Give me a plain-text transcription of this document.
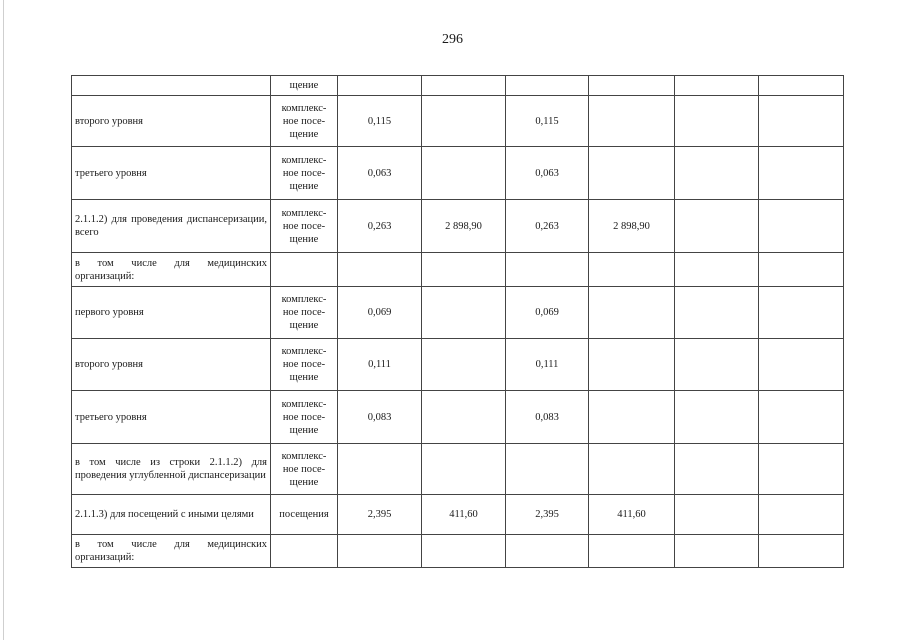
296
	щение						
второго уровня	комплекс-ное посе-щение	0,115		0,115			
третьего уровня	комплекс-ное посе-щение	0,063		0,063			
2.1.1.2) для проведения диспансеризации, всего	комплекс-ное посе-щение	0,263	2 898,90	0,263	2 898,90		
в том числе для медицинских организаций:							
первого уровня	комплекс-ное посе-щение	0,069		0,069			
второго уровня	комплекс-ное посе-щение	0,111		0,111			
третьего уровня	комплекс-ное посе-щение	0,083		0,083			
в том числе из строки 2.1.1.2) для проведения углубленной диспансеризации	комплекс-ное посе-щение						
2.1.1.3) для посещений с иными целями	посещения	2,395	411,60	2,395	411,60		
в том числе для медицинских организаций:							
